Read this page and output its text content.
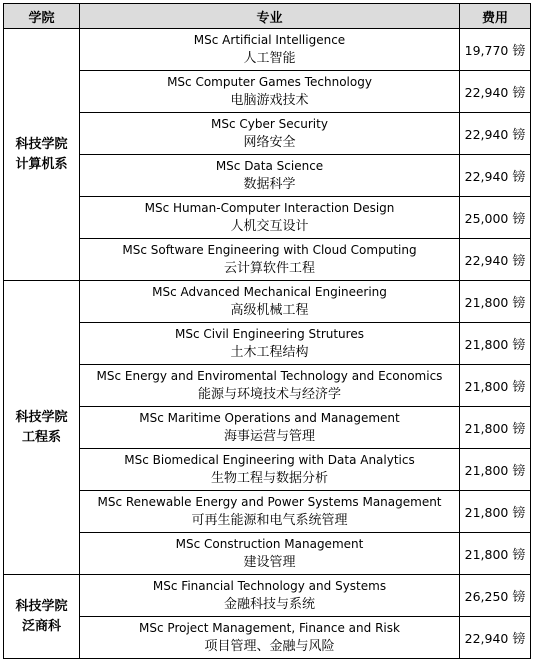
学院	专业	费用

科技学院
计算机系	MSc Artificial Intelligence
人工智能	19,770 镑

	MSc Computer Games Technology
电脑游戏技术	22,940 镑

	MSc Cyber Security
网络安全	22,940 镑

	MSc Data Science
数据科学	22,940 镑

	MSc Human-Computer Interaction Design
人机交互设计	25,000 镑

	MSc Software Engineering with Cloud Computing
云计算软件工程	22,940 镑

科技学院
工程系	MSc Advanced Mechanical Engineering
高级机械工程	21,800 镑

	MSc Civil Engineering Strutures
土木工程结构	21,800 镑

	MSc Energy and Enviromental Technology and Economics
能源与环境技术与经济学	21,800 镑

	MSc Maritime Operations and Management
海事运营与管理	21,800 镑

	MSc Biomedical Engineering with Data Analytics
生物工程与数据分析	21,800 镑

	MSc Renewable Energy and Power Systems Management
可再生能源和电气系统管理	21,800 镑

	MSc Construction Management
建设管理	21,800 镑

科技学院
泛商科	MSc Financial Technology and Systems
金融科技与系统	26,250 镑

	MSc Project Management, Finance and Risk
项目管理、金融与风险	22,940 镑
